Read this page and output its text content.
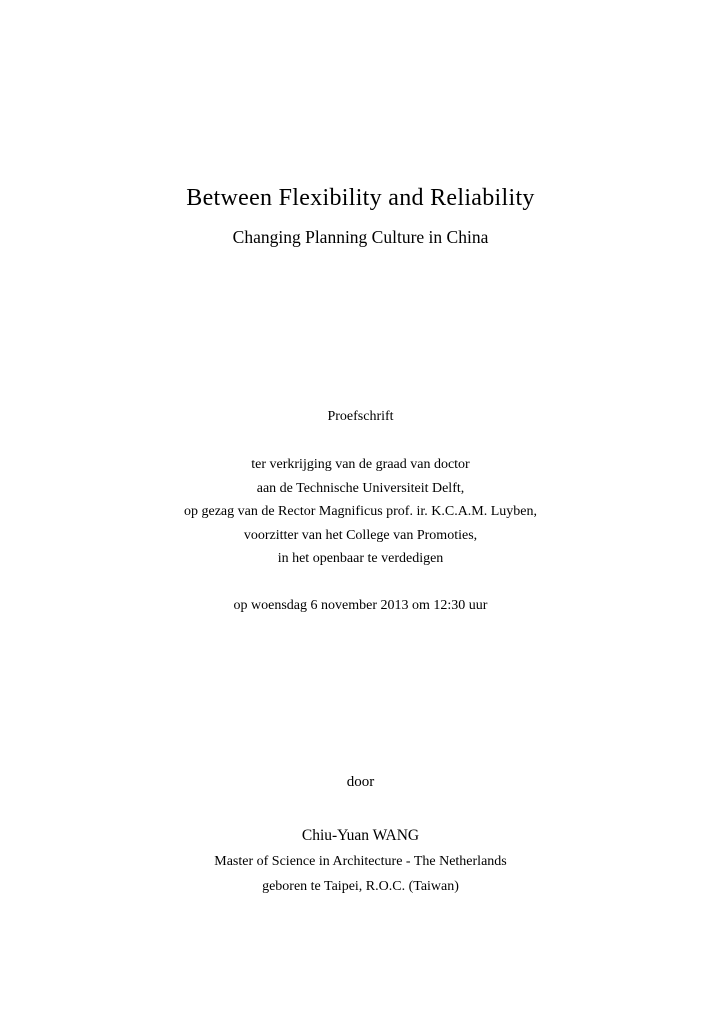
Between Flexibility and Reliability
Changing Planning Culture in China

Proefschrift

ter verkrijging van de graad van doctor

aan de Technische Universiteit Delft,

op gezag van de Rector Magnificus prof. ir. K.C.A.M. Luyben,

voorzitter van het College van Promoties,

in het openbaar te verdedigen

op woensdag 6 november 2013 om 12:30 uur

door

Chiu-Yuan WANG

Master of Science in Architecture - The Netherlands

geboren te Taipei, R.O.C. (Taiwan)
